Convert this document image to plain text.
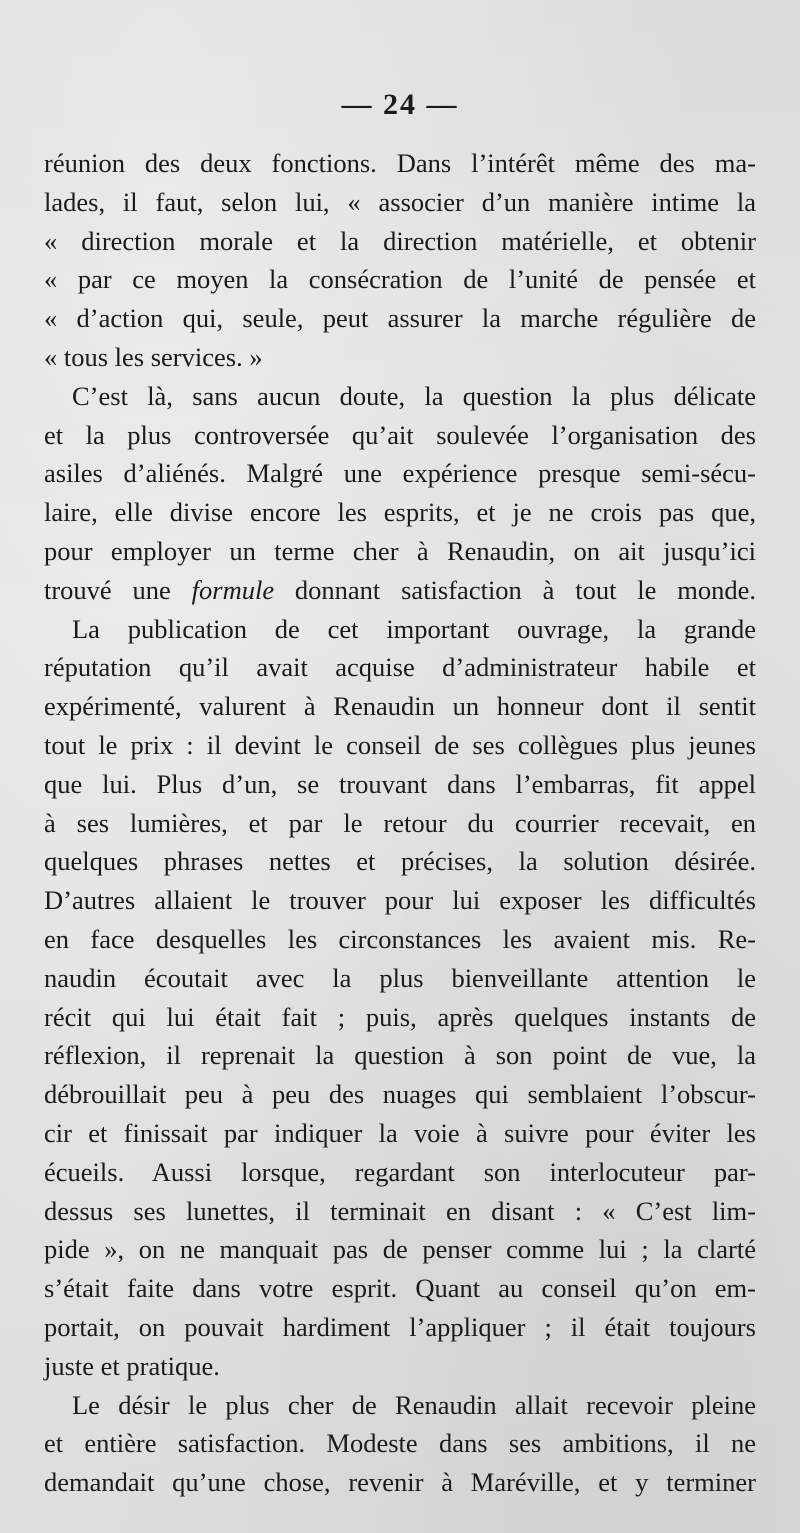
— 24 —
réunion des deux fonctions. Dans l’intérêt même des ma-
lades, il faut, selon lui, « associer d’un manière intime la
« direction morale et la direction matérielle, et obtenir
« par ce moyen la consécration de l’unité de pensée et
« d’action qui, seule, peut assurer la marche régulière de
« tous les services. »
C’est là, sans aucun doute, la question la plus délicate
et la plus controversée qu’ait soulevée l’organisation des
asiles d’aliénés. Malgré une expérience presque semi-sécu-
laire, elle divise encore les esprits, et je ne crois pas que,
pour employer un terme cher à Renaudin, on ait jusqu’ici
trouvé une formule donnant satisfaction à tout le monde.
La publication de cet important ouvrage, la grande
réputation qu’il avait acquise d’administrateur habile et
expérimenté, valurent à Renaudin un honneur dont il sentit
tout le prix : il devint le conseil de ses collègues plus jeunes
que lui. Plus d’un, se trouvant dans l’embarras, fit appel
à ses lumières, et par le retour du courrier recevait, en
quelques phrases nettes et précises, la solution désirée.
D’autres allaient le trouver pour lui exposer les difficultés
en face desquelles les circonstances les avaient mis. Re-
naudin écoutait avec la plus bienveillante attention le
récit qui lui était fait ; puis, après quelques instants de
réflexion, il reprenait la question à son point de vue, la
débrouillait peu à peu des nuages qui semblaient l’obscur-
cir et finissait par indiquer la voie à suivre pour éviter les
écueils. Aussi lorsque, regardant son interlocuteur par-
dessus ses lunettes, il terminait en disant : « C’est lim-
pide », on ne manquait pas de penser comme lui ; la clarté
s’était faite dans votre esprit. Quant au conseil qu’on em-
portait, on pouvait hardiment l’appliquer ; il était toujours
juste et pratique.
Le désir le plus cher de Renaudin allait recevoir pleine
et entière satisfaction. Modeste dans ses ambitions, il ne
demandait qu’une chose, revenir à Maréville, et y terminer
